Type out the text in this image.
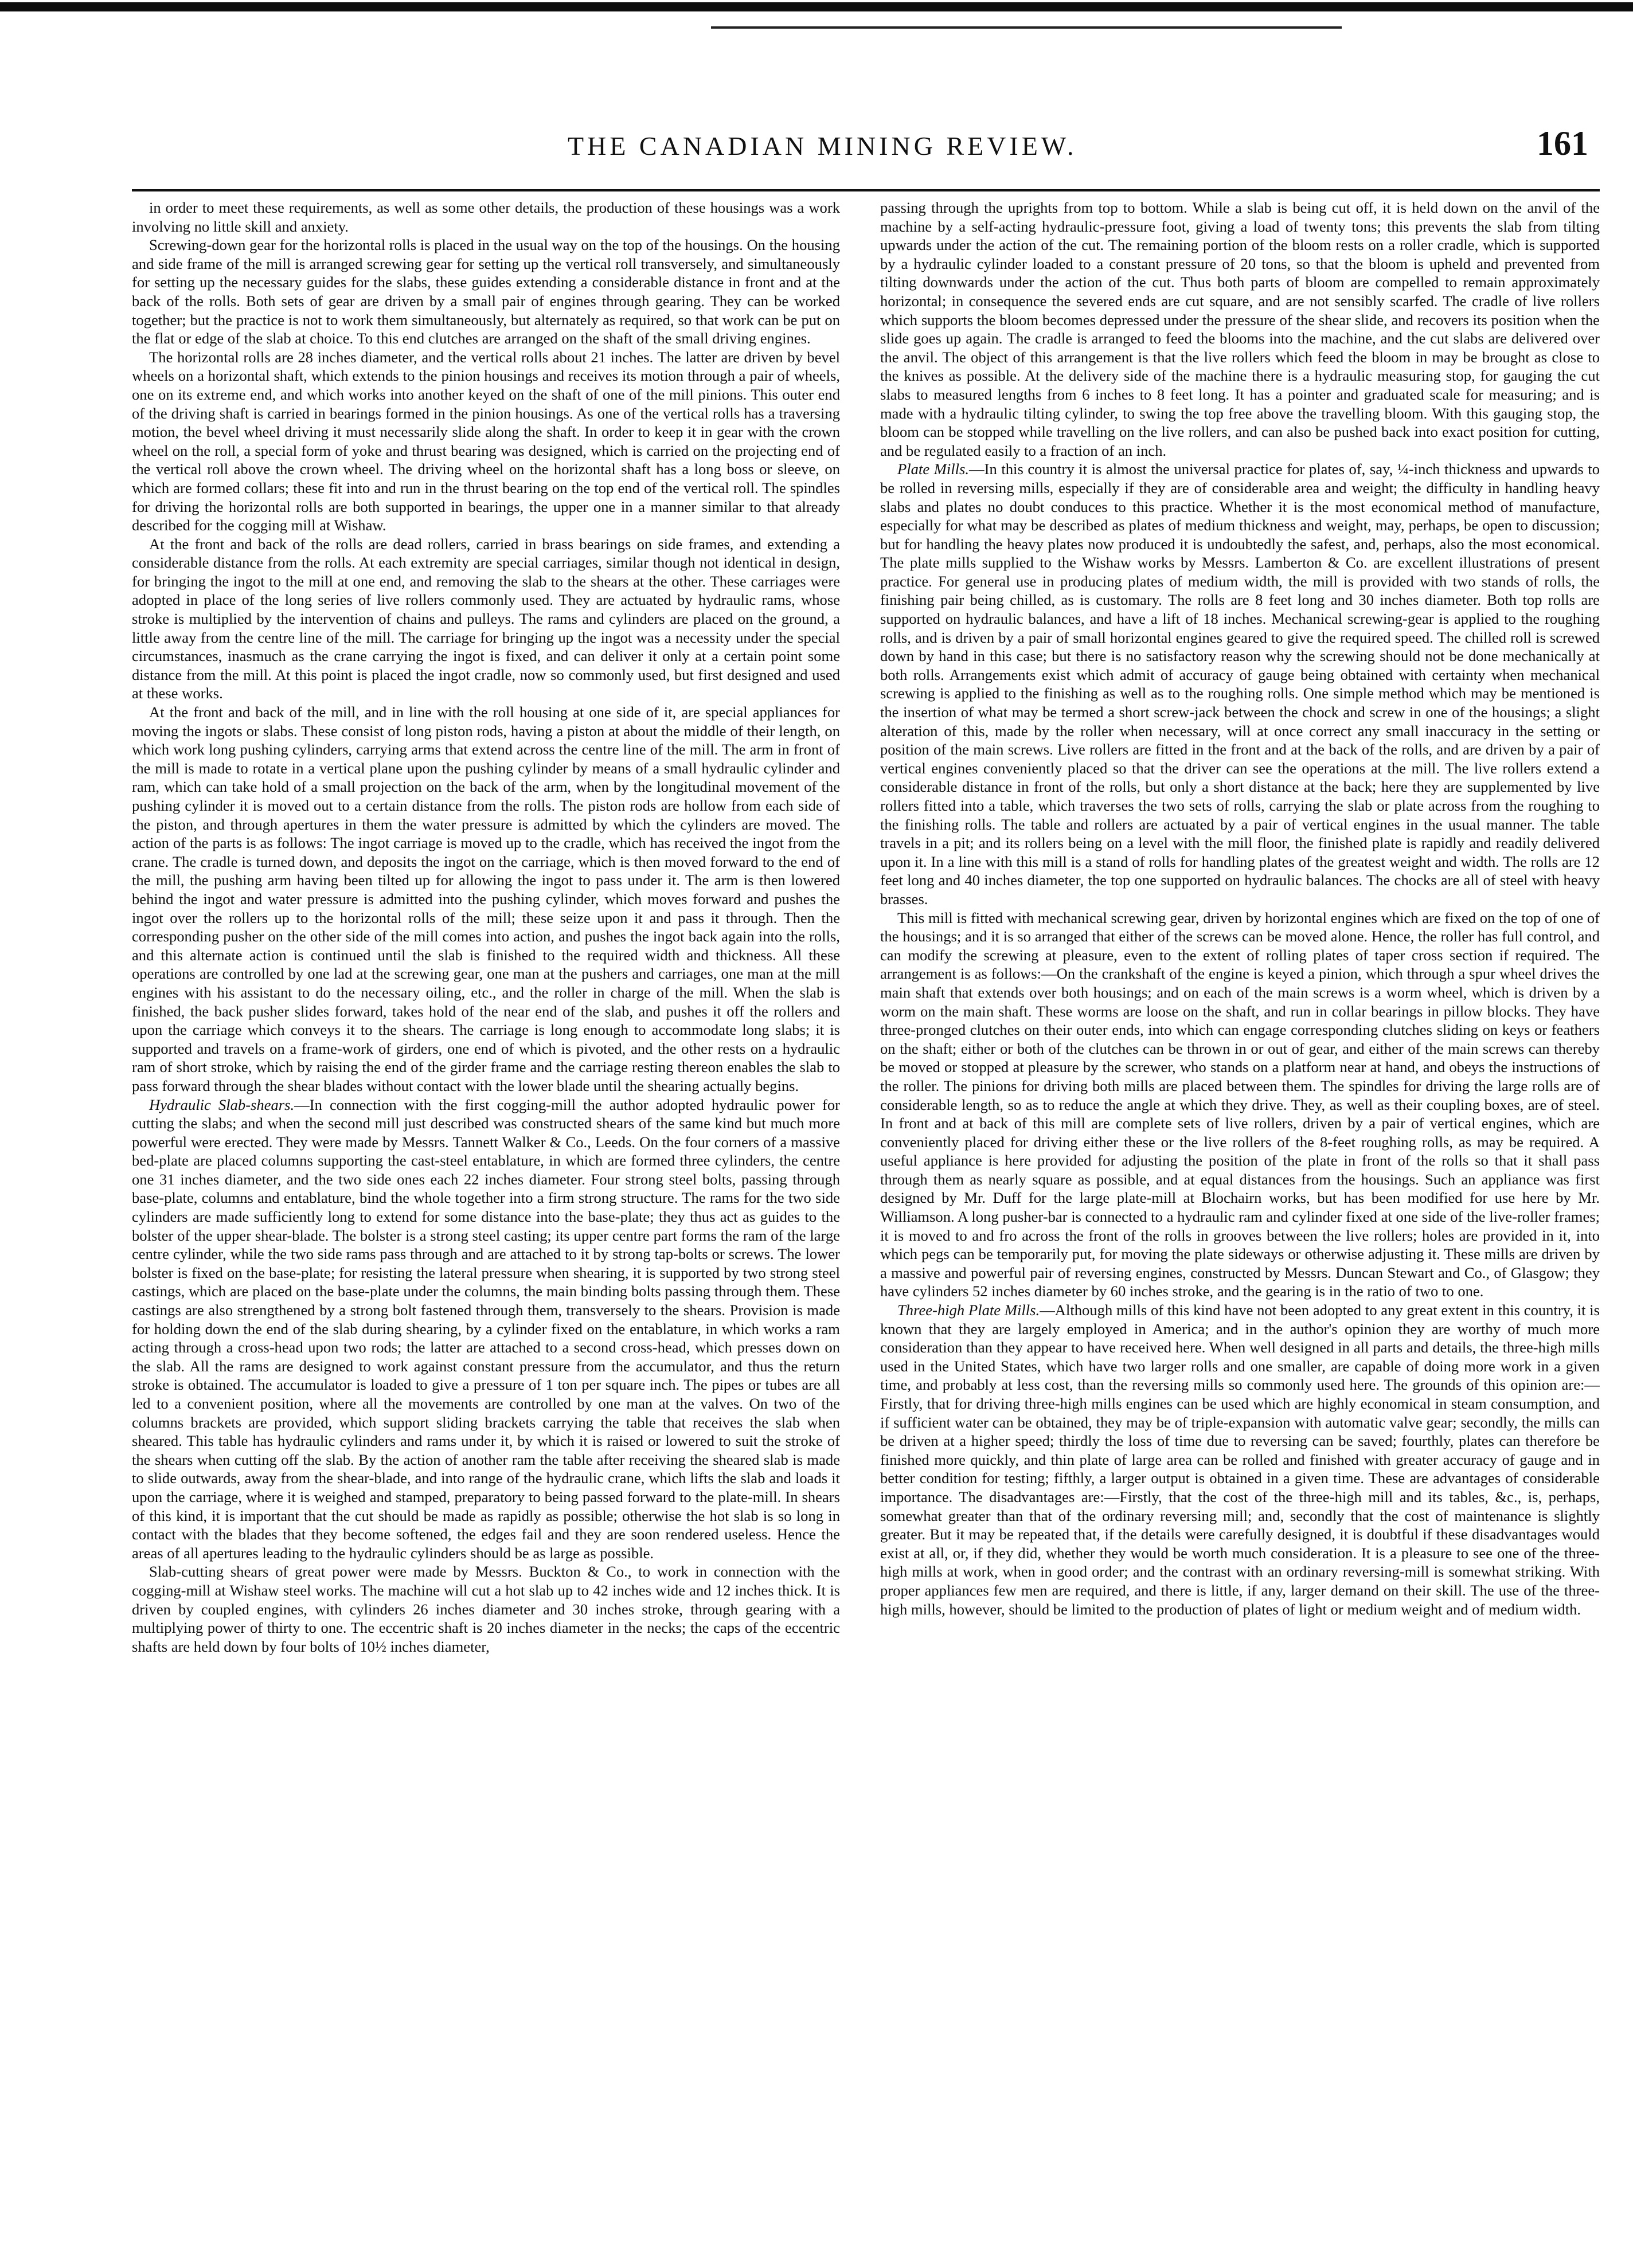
THE CANADIAN MINING REVIEW.	161

in order to meet these requirements, as well as some other details, the production of these housings was a work involving no little skill and anxiety.

Screwing-down gear for the horizontal rolls is placed in the usual way on the top of the housings. On the housing and side frame of the mill is arranged screwing gear for setting up the vertical roll transversely, and simultaneously for setting up the necessary guides for the slabs, these guides extending a considerable distance in front and at the back of the rolls. Both sets of gear are driven by a small pair of engines through gearing. They can be worked together; but the practice is not to work them simultaneously, but alternately as required, so that work can be put on the flat or edge of the slab at choice. To this end clutches are arranged on the shaft of the small driving engines.

The horizontal rolls are 28 inches diameter, and the vertical rolls about 21 inches. The latter are driven by bevel wheels on a horizontal shaft, which extends to the pinion housings and receives its motion through a pair of wheels, one on its extreme end, and which works into another keyed on the shaft of one of the mill pinions. This outer end of the driving shaft is carried in bearings formed in the pinion housings. As one of the vertical rolls has a traversing motion, the bevel wheel driving it must necessarily slide along the shaft. In order to keep it in gear with the crown wheel on the roll, a special form of yoke and thrust bearing was designed, which is carried on the projecting end of the vertical roll above the crown wheel. The driving wheel on the horizontal shaft has a long boss or sleeve, on which are formed collars; these fit into and run in the thrust bearing on the top end of the vertical roll. The spindles for driving the horizontal rolls are both supported in bearings, the upper one in a manner similar to that already described for the cogging mill at Wishaw.

At the front and back of the rolls are dead rollers, carried in brass bearings on side frames, and extending a considerable distance from the rolls. At each extremity are special carriages, similar though not identical in design, for bringing the ingot to the mill at one end, and removing the slab to the shears at the other. These carriages were adopted in place of the long series of live rollers commonly used. They are actuated by hydraulic rams, whose stroke is multiplied by the intervention of chains and pulleys. The rams and cylinders are placed on the ground, a little away from the centre line of the mill. The carriage for bringing up the ingot was a necessity under the special circumstances, inasmuch as the crane carrying the ingot is fixed, and can deliver it only at a certain point some distance from the mill. At this point is placed the ingot cradle, now so commonly used, but first designed and used at these works.

At the front and back of the mill, and in line with the roll housing at one side of it, are special appliances for moving the ingots or slabs. These consist of long piston rods, having a piston at about the middle of their length, on which work long pushing cylinders, carrying arms that extend across the centre line of the mill. The arm in front of the mill is made to rotate in a vertical plane upon the pushing cylinder by means of a small hydraulic cylinder and ram, which can take hold of a small projection on the back of the arm, when by the longitudinal movement of the pushing cylinder it is moved out to a certain distance from the rolls. The piston rods are hollow from each side of the piston, and through apertures in them the water pressure is admitted by which the cylinders are moved. The action of the parts is as follows: The ingot carriage is moved up to the cradle, which has received the ingot from the crane. The cradle is turned down, and deposits the ingot on the carriage, which is then moved forward to the end of the mill, the pushing arm having been tilted up for allowing the ingot to pass under it. The arm is then lowered behind the ingot and water pressure is admitted into the pushing cylinder, which moves forward and pushes the ingot over the rollers up to the horizontal rolls of the mill; these seize upon it and pass it through. Then the corresponding pusher on the other side of the mill comes into action, and pushes the ingot back again into the rolls, and this alternate action is continued until the slab is finished to the required width and thickness. All these operations are controlled by one lad at the screwing gear, one man at the pushers and carriages, one man at the mill engines with his assistant to do the necessary oiling, etc., and the roller in charge of the mill. When the slab is finished, the back pusher slides forward, takes hold of the near end of the slab, and pushes it off the rollers and upon the carriage which conveys it to the shears. The carriage is long enough to accommodate long slabs; it is supported and travels on a frame-work of girders, one end of which is pivoted, and the other rests on a hydraulic ram of short stroke, which by raising the end of the girder frame and the carriage resting thereon enables the slab to pass forward through the shear blades without contact with the lower blade until the shearing actually begins.

Hydraulic Slab-shears.—In connection with the first cogging-mill the author adopted hydraulic power for cutting the slabs; and when the second mill just described was constructed shears of the same kind but much more powerful were erected. They were made by Messrs. Tannett Walker & Co., Leeds. On the four corners of a massive bed-plate are placed columns supporting the cast-steel entablature, in which are formed three cylinders, the centre one 31 inches diameter, and the two side ones each 22 inches diameter. Four strong steel bolts, passing through base-plate, columns and entablature, bind the whole together into a firm strong structure. The rams for the two side cylinders are made sufficiently long to extend for some distance into the base-plate; they thus act as guides to the bolster of the upper shear-blade. The bolster is a strong steel casting; its upper centre part forms the ram of the large centre cylinder, while the two side rams pass through and are attached to it by strong tap-bolts or screws. The lower bolster is fixed on the base-plate; for resisting the lateral pressure when shearing, it is supported by two strong steel castings, which are placed on the base-plate under the columns, the main binding bolts passing through them. These castings are also strengthened by a strong bolt fastened through them, transversely to the shears. Provision is made for holding down the end of the slab during shearing, by a cylinder fixed on the entablature, in which works a ram acting through a cross-head upon two rods; the latter are attached to a second cross-head, which presses down on the slab. All the rams are designed to work against constant pressure from the accumulator, and thus the return stroke is obtained. The accumulator is loaded to give a pressure of 1 ton per square inch. The pipes or tubes are all led to a convenient position, where all the movements are controlled by one man at the valves. On two of the columns brackets are provided, which support sliding brackets carrying the table that receives the slab when sheared. This table has hydraulic cylinders and rams under it, by which it is raised or lowered to suit the stroke of the shears when cutting off the slab. By the action of another ram the table after receiving the sheared slab is made to slide outwards, away from the shear-blade, and into range of the hydraulic crane, which lifts the slab and loads it upon the carriage, where it is weighed and stamped, preparatory to being passed forward to the plate-mill. In shears of this kind, it is important that the cut should be made as rapidly as possible; otherwise the hot slab is so long in contact with the blades that they become softened, the edges fail and they are soon rendered useless. Hence the areas of all apertures leading to the hydraulic cylinders should be as large as possible.

Slab-cutting shears of great power were made by Messrs. Buckton & Co., to work in connection with the cogging-mill at Wishaw steel works. The machine will cut a hot slab up to 42 inches wide and 12 inches thick. It is driven by coupled engines, with cylinders 26 inches diameter and 30 inches stroke, through gearing with a multiplying power of thirty to one. The eccentric shaft is 20 inches diameter in the necks; the caps of the eccentric shafts are held down by four bolts of 10½ inches diameter,

passing through the uprights from top to bottom. While a slab is being cut off, it is held down on the anvil of the machine by a self-acting hydraulic-pressure foot, giving a load of twenty tons; this prevents the slab from tilting upwards under the action of the cut. The remaining portion of the bloom rests on a roller cradle, which is supported by a hydraulic cylinder loaded to a constant pressure of 20 tons, so that the bloom is upheld and prevented from tilting downwards under the action of the cut. Thus both parts of bloom are compelled to remain approximately horizontal; in consequence the severed ends are cut square, and are not sensibly scarfed. The cradle of live rollers which supports the bloom becomes depressed under the pressure of the shear slide, and recovers its position when the slide goes up again. The cradle is arranged to feed the blooms into the machine, and the cut slabs are delivered over the anvil. The object of this arrangement is that the live rollers which feed the bloom in may be brought as close to the knives as possible. At the delivery side of the machine there is a hydraulic measuring stop, for gauging the cut slabs to measured lengths from 6 inches to 8 feet long. It has a pointer and graduated scale for measuring; and is made with a hydraulic tilting cylinder, to swing the top free above the travelling bloom. With this gauging stop, the bloom can be stopped while travelling on the live rollers, and can also be pushed back into exact position for cutting, and be regulated easily to a fraction of an inch.

Plate Mills.—In this country it is almost the universal practice for plates of, say, ¼-inch thickness and upwards to be rolled in reversing mills, especially if they are of considerable area and weight; the difficulty in handling heavy slabs and plates no doubt conduces to this practice. Whether it is the most economical method of manufacture, especially for what may be described as plates of medium thickness and weight, may, perhaps, be open to discussion; but for handling the heavy plates now produced it is undoubtedly the safest, and, perhaps, also the most economical. The plate mills supplied to the Wishaw works by Messrs. Lamberton & Co. are excellent illustrations of present practice. For general use in producing plates of medium width, the mill is provided with two stands of rolls, the finishing pair being chilled, as is customary. The rolls are 8 feet long and 30 inches diameter. Both top rolls are supported on hydraulic balances, and have a lift of 18 inches. Mechanical screwing-gear is applied to the roughing rolls, and is driven by a pair of small horizontal engines geared to give the required speed. The chilled roll is screwed down by hand in this case; but there is no satisfactory reason why the screwing should not be done mechanically at both rolls. Arrangements exist which admit of accuracy of gauge being obtained with certainty when mechanical screwing is applied to the finishing as well as to the roughing rolls. One simple method which may be mentioned is the insertion of what may be termed a short screw-jack between the chock and screw in one of the housings; a slight alteration of this, made by the roller when necessary, will at once correct any small inaccuracy in the setting or position of the main screws. Live rollers are fitted in the front and at the back of the rolls, and are driven by a pair of vertical engines conveniently placed so that the driver can see the operations at the mill. The live rollers extend a considerable distance in front of the rolls, but only a short distance at the back; here they are supplemented by live rollers fitted into a table, which traverses the two sets of rolls, carrying the slab or plate across from the roughing to the finishing rolls. The table and rollers are actuated by a pair of vertical engines in the usual manner. The table travels in a pit; and its rollers being on a level with the mill floor, the finished plate is rapidly and readily delivered upon it. In a line with this mill is a stand of rolls for handling plates of the greatest weight and width. The rolls are 12 feet long and 40 inches diameter, the top one supported on hydraulic balances. The chocks are all of steel with heavy brasses.

This mill is fitted with mechanical screwing gear, driven by horizontal engines which are fixed on the top of one of the housings; and it is so arranged that either of the screws can be moved alone. Hence, the roller has full control, and can modify the screwing at pleasure, even to the extent of rolling plates of taper cross section if required. The arrangement is as follows:—On the crankshaft of the engine is keyed a pinion, which through a spur wheel drives the main shaft that extends over both housings; and on each of the main screws is a worm wheel, which is driven by a worm on the main shaft. These worms are loose on the shaft, and run in collar bearings in pillow blocks. They have three-pronged clutches on their outer ends, into which can engage corresponding clutches sliding on keys or feathers on the shaft; either or both of the clutches can be thrown in or out of gear, and either of the main screws can thereby be moved or stopped at pleasure by the screwer, who stands on a platform near at hand, and obeys the instructions of the roller. The pinions for driving both mills are placed between them. The spindles for driving the large rolls are of considerable length, so as to reduce the angle at which they drive. They, as well as their coupling boxes, are of steel. In front and at back of this mill are complete sets of live rollers, driven by a pair of vertical engines, which are conveniently placed for driving either these or the live rollers of the 8-feet roughing rolls, as may be required. A useful appliance is here provided for adjusting the position of the plate in front of the rolls so that it shall pass through them as nearly square as possible, and at equal distances from the housings. Such an appliance was first designed by Mr. Duff for the large plate-mill at Blochairn works, but has been modified for use here by Mr. Williamson. A long pusher-bar is connected to a hydraulic ram and cylinder fixed at one side of the live-roller frames; it is moved to and fro across the front of the rolls in grooves between the live rollers; holes are provided in it, into which pegs can be temporarily put, for moving the plate sideways or otherwise adjusting it. These mills are driven by a massive and powerful pair of reversing engines, constructed by Messrs. Duncan Stewart and Co., of Glasgow; they have cylinders 52 inches diameter by 60 inches stroke, and the gearing is in the ratio of two to one.

Three-high Plate Mills.—Although mills of this kind have not been adopted to any great extent in this country, it is known that they are largely employed in America; and in the author's opinion they are worthy of much more consideration than they appear to have received here. When well designed in all parts and details, the three-high mills used in the United States, which have two larger rolls and one smaller, are capable of doing more work in a given time, and probably at less cost, than the reversing mills so commonly used here. The grounds of this opinion are:—Firstly, that for driving three-high mills engines can be used which are highly economical in steam consumption, and if sufficient water can be obtained, they may be of triple-expansion with automatic valve gear; secondly, the mills can be driven at a higher speed; thirdly the loss of time due to reversing can be saved; fourthly, plates can therefore be finished more quickly, and thin plate of large area can be rolled and finished with greater accuracy of gauge and in better condition for testing; fifthly, a larger output is obtained in a given time. These are advantages of considerable importance. The disadvantages are:—Firstly, that the cost of the three-high mill and its tables, &c., is, perhaps, somewhat greater than that of the ordinary reversing mill; and, secondly that the cost of maintenance is slightly greater. But it may be repeated that, if the details were carefully designed, it is doubtful if these disadvantages would exist at all, or, if they did, whether they would be worth much consideration. It is a pleasure to see one of the three-high mills at work, when in good order; and the contrast with an ordinary reversing-mill is somewhat striking. With proper appliances few men are required, and there is little, if any, larger demand on their skill. The use of the three-high mills, however, should be limited to the production of plates of light or medium weight and of medium width.
